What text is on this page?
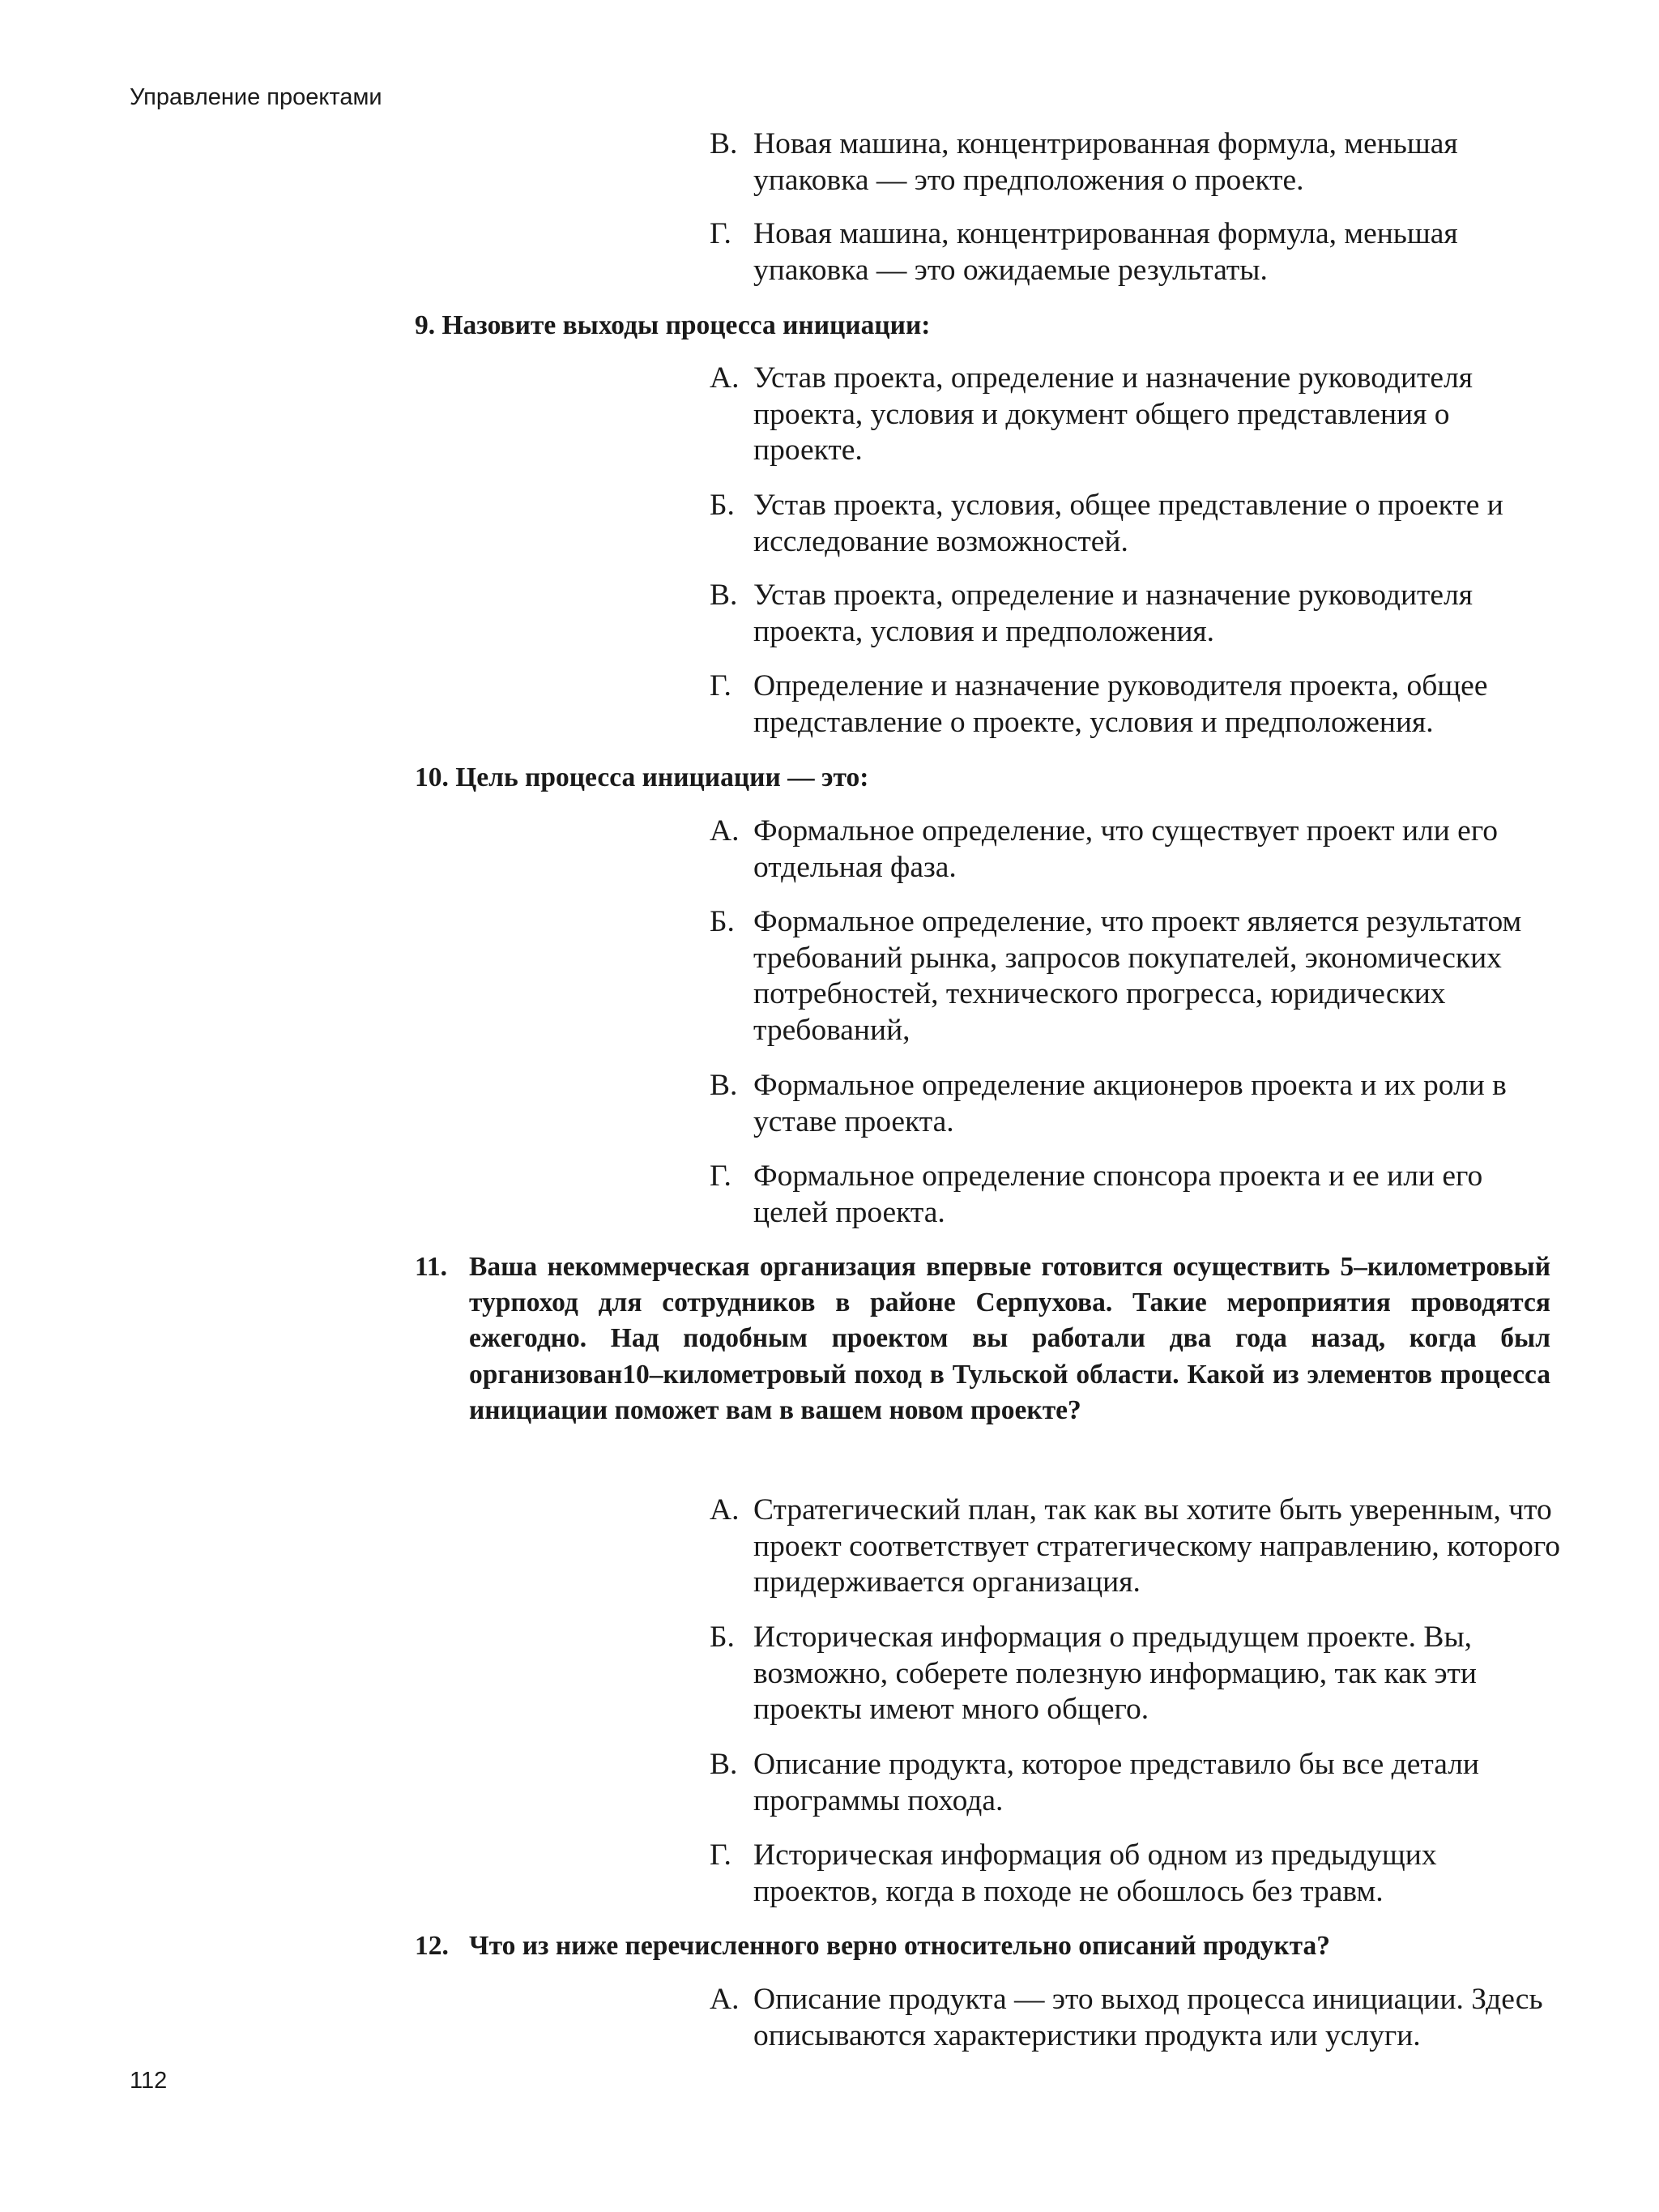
Управление проектами
В. Новая машина, концентрированная формула, меньшая упаковка — это предположения о проекте.
Г. Новая машина, концентрированная формула, меньшая упаковка — это ожидаемые результаты.
9. Назовите выходы процесса инициации:
А. Устав проекта, определение и назначение руководителя проекта, условия и документ общего представления о проекте.
Б. Устав проекта, условия, общее представление о проекте и исследование возможностей.
В. Устав проекта, определение и назначение руководителя проекта, условия и предположения.
Г. Определение и назначение руководителя проекта, общее представление о проекте, условия и предположения.
10. Цель процесса инициации — это:
А. Формальное определение, что существует проект или его отдельная фаза.
Б. Формальное определение, что проект является результатом требований рынка, запросов покупателей, экономических потребностей, технического прогресса, юридических требований,
В. Формальное определение акционеров проекта и их роли в уставе проекта.
Г. Формальное определение спонсора проекта и ее или его целей проекта.
11. Ваша некоммерческая организация впервые готовится осуществить 5–километровый турпоход для сотрудников в районе Серпухова. Такие мероприятия проводятся ежегодно. Над подобным проектом вы работали два года назад, когда был организован10–километровый поход в Тульской области. Какой из элементов процесса инициации поможет вам в вашем новом проекте?
А. Стратегический план, так как вы хотите быть уверенным, что проект соответствует стратегическому направлению, которого придерживается организация.
Б. Историческая информация о предыдущем проекте. Вы, возможно, соберете полезную информацию, так как эти проекты имеют много общего.
В. Описание продукта, которое представило бы все детали программы похода.
Г. Историческая информация об одном из предыдущих проектов, когда в походе не обошлось без травм.
12. Что из ниже перечисленного верно относительно описаний продукта?
А. Описание продукта — это выход процесса инициации. Здесь описываются характеристики продукта или услуги.
112
